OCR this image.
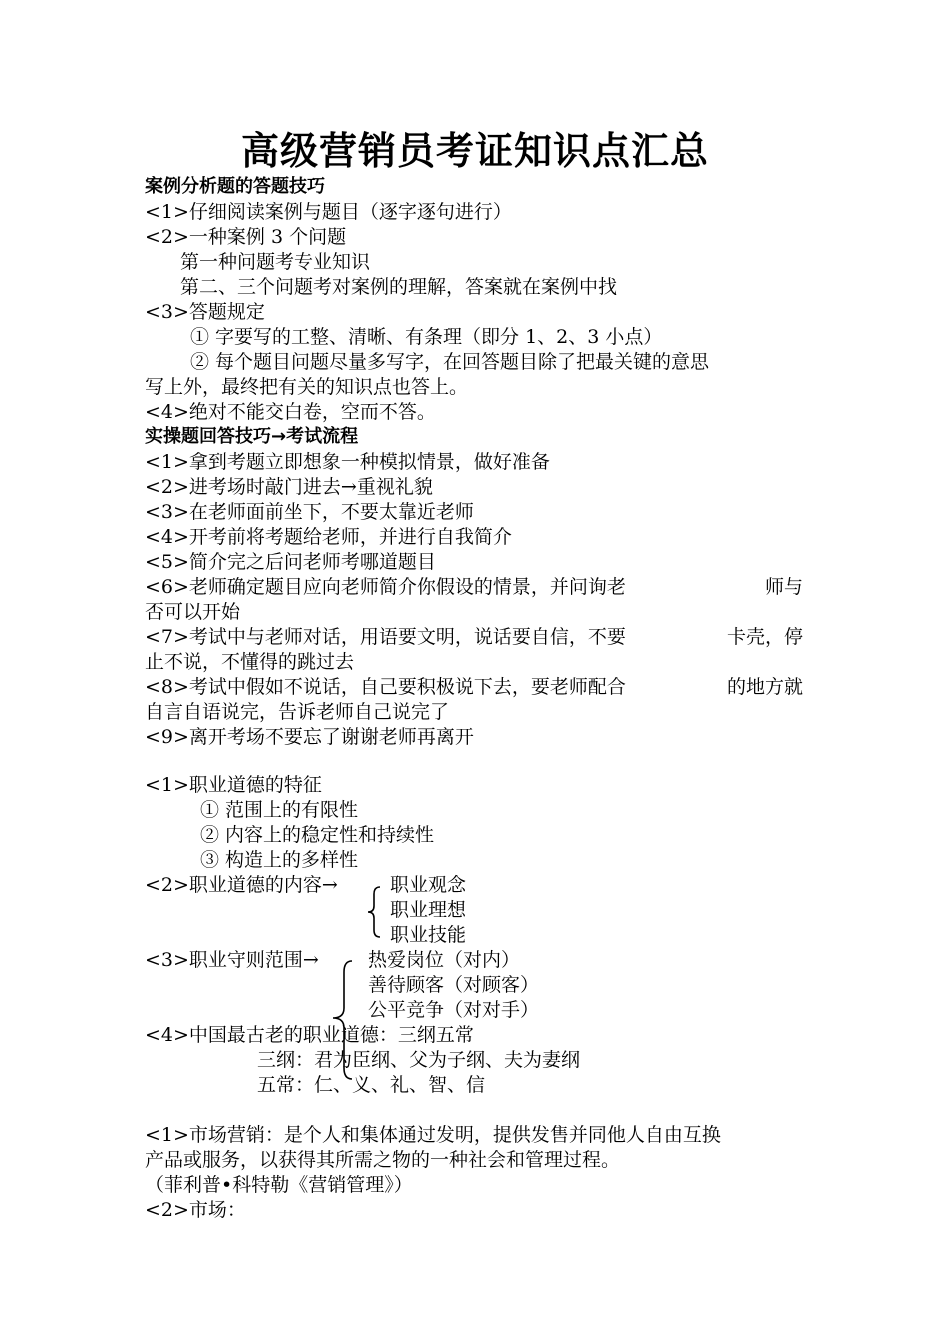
高级营销员考证知识点汇总
案例分析题的答题技巧
<1>仔细阅读案例与题目（逐字逐句进行）
<2>一种案例 3 个问题
第一种问题考专业知识
第二、三个问题考对案例的理解，答案就在案例中找
<3>答题规定
① 字要写的工整、清晰、有条理（即分 1、2、3 小点）
② 每个题目问题尽量多写字，在回答题目除了把最关键的意思
写上外，最终把有关的知识点也答上。
<4>绝对不能交白卷，空而不答。
实操题回答技巧→考试流程
<1>拿到考题立即想象一种模拟情景，做好准备
<2>进考场时敲门进去→重视礼貌
<3>在老师面前坐下，不要太靠近老师
<4>开考前将考题给老师，并进行自我简介
<5>简介完之后问老师考哪道题目
<6>老师确定题目应向老师简介你假设的情景，并问询老	师与
否可以开始
<7>考试中与老师对话，用语要文明，说话要自信，不要	卡壳，停
止不说，不懂得的跳过去
<8>考试中假如不说话，自己要积极说下去，要老师配合	的地方就
自言自语说完，告诉老师自己说完了
<9>离开考场不要忘了谢谢老师再离开
<1>职业道德的特征
① 范围上的有限性
② 内容上的稳定性和持续性
③ 构造上的多样性
<2>职业道德的内容→	职业观念
职业理想
职业技能
<3>职业守则范围→	热爱岗位（对内）
善待顾客（对顾客）
公平竞争（对对手）
<4>中国最古老的职业道德：三纲五常
三纲：君为臣纲、父为子纲、夫为妻纲
五常：仁、义、礼、智、信
<1>市场营销：是个人和集体通过发明，提供发售并同他人自由互换
产品或服务，以获得其所需之物的一种社会和管理过程。
（菲利普•科特勒《营销管理》）
<2>市场：
